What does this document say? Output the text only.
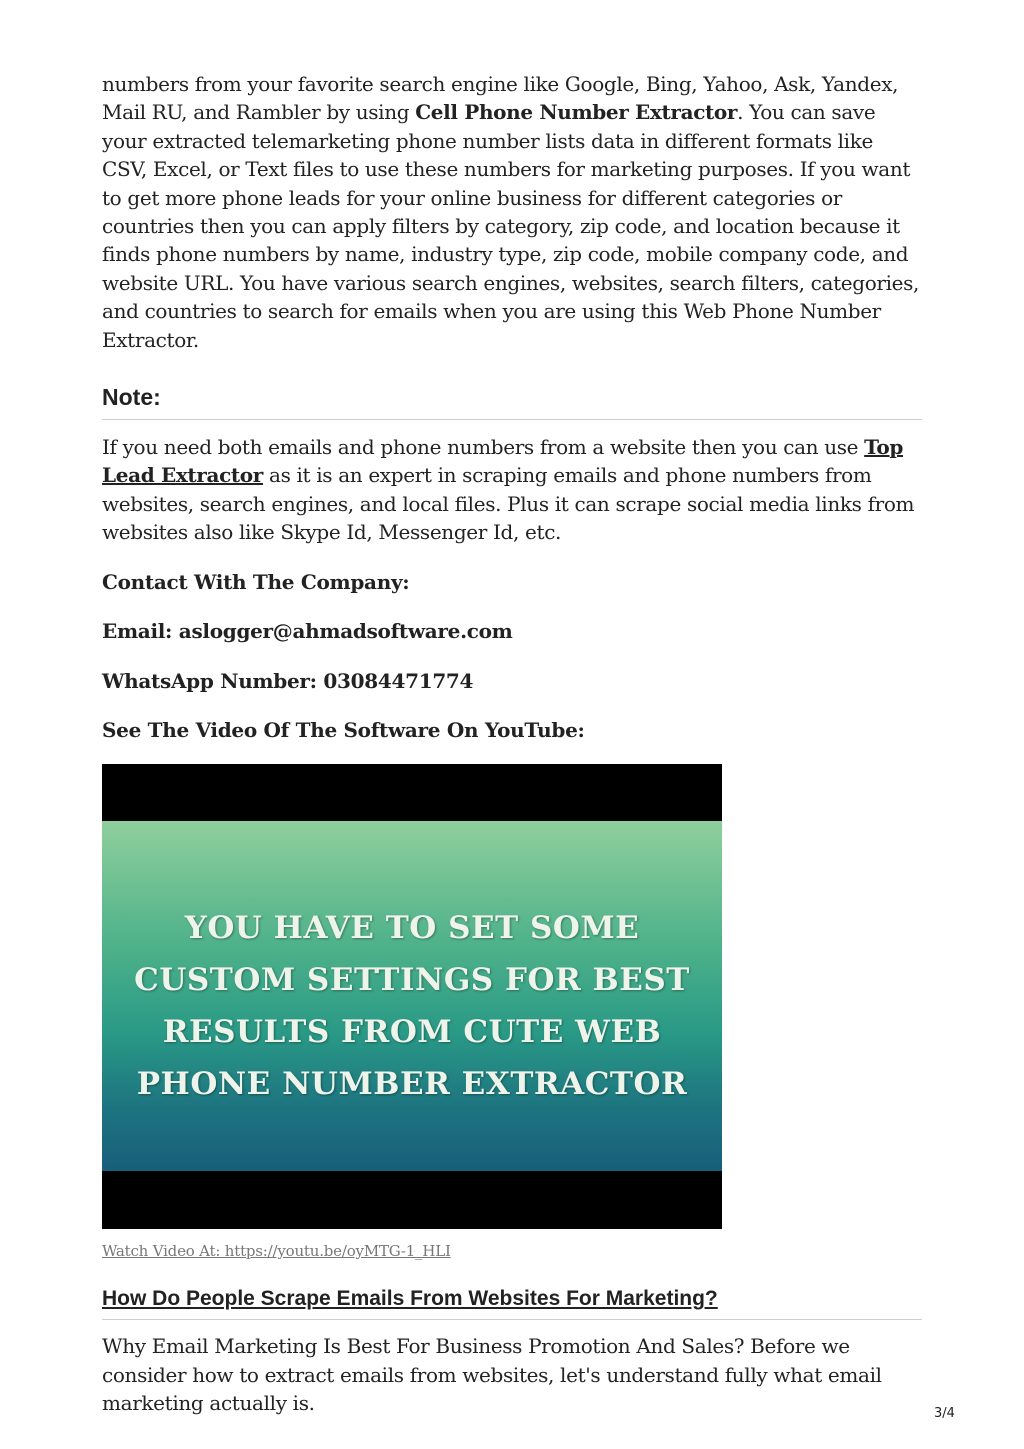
numbers from your favorite search engine like Google, Bing, Yahoo, Ask, Yandex, Mail RU, and Rambler by using Cell Phone Number Extractor. You can save your extracted telemarketing phone number lists data in different formats like CSV, Excel, or Text files to use these numbers for marketing purposes. If you want to get more phone leads for your online business for different categories or countries then you can apply filters by category, zip code, and location because it finds phone numbers by name, industry type, zip code, mobile company code, and website URL. You have various search engines, websites, search filters, categories, and countries to search for emails when you are using this Web Phone Number Extractor.

Note:

If you need both emails and phone numbers from a website then you can use Top Lead Extractor as it is an expert in scraping emails and phone numbers from websites, search engines, and local files. Plus it can scrape social media links from websites also like Skype Id, Messenger Id, etc.

Contact With The Company:

Email: aslogger@ahmadsoftware.com

WhatsApp Number: 03084471774

See The Video Of The Software On YouTube:

YOU HAVE TO SET SOME
CUSTOM SETTINGS FOR BEST
RESULTS FROM CUTE WEB
PHONE NUMBER EXTRACTOR
Watch Video At: https://youtu.be/oyMTG-1_HLI
How Do People Scrape Emails From Websites For Marketing?

Why Email Marketing Is Best For Business Promotion And Sales? Before we consider how to extract emails from websites, let's understand fully what email marketing actually is.	3/4
